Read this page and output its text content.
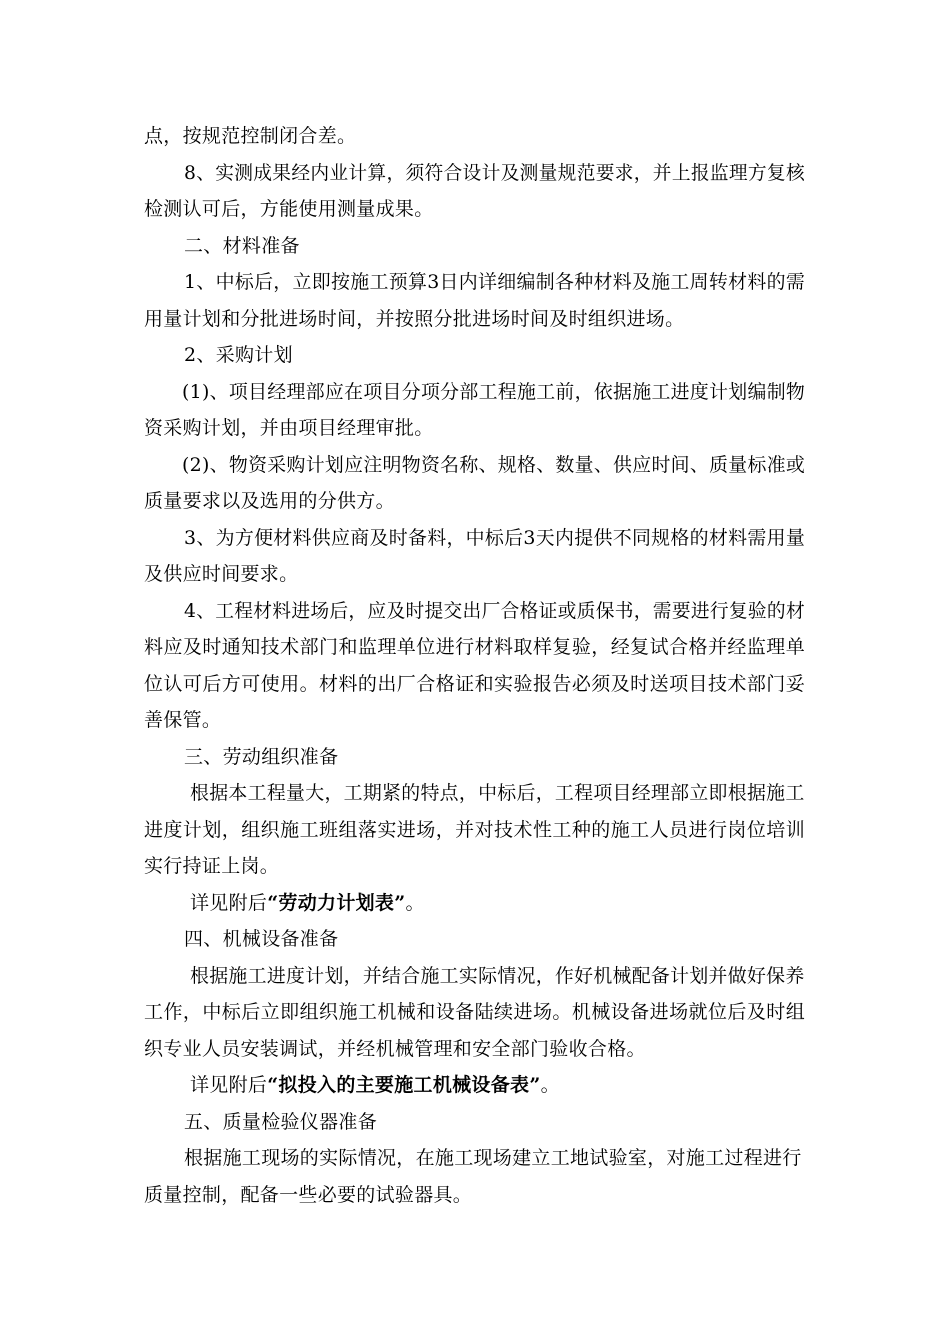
点，按规范控制闭合差。
8、实测成果经内业计算，须符合设计及测量规范要求，并上报监理方复核
检测认可后，方能使用测量成果。
二、材料准备
1、中标后，立即按施工预算3日内详细编制各种材料及施工周转材料的需
用量计划和分批进场时间，并按照分批进场时间及时组织进场。
2、采购计划
(1)、项目经理部应在项目分项分部工程施工前，依据施工进度计划编制物
资采购计划，并由项目经理审批。
(2)、物资采购计划应注明物资名称、规格、数量、供应时间、质量标准或
质量要求以及选用的分供方。
3、为方便材料供应商及时备料，中标后3天内提供不同规格的材料需用量
及供应时间要求。
4、工程材料进场后，应及时提交出厂合格证或质保书，需要进行复验的材
料应及时通知技术部门和监理单位进行材料取样复验，经复试合格并经监理单
位认可后方可使用。材料的出厂合格证和实验报告必须及时送项目技术部门妥
善保管。
三、劳动组织准备
根据本工程量大，工期紧的特点，中标后，工程项目经理部立即根据施工
进度计划，组织施工班组落实进场，并对技术性工种的施工人员进行岗位培训
实行持证上岗。
详见附后“劳动力计划表”。
四、机械设备准备
根据施工进度计划，并结合施工实际情况，作好机械配备计划并做好保养
工作，中标后立即组织施工机械和设备陆续进场。机械设备进场就位后及时组
织专业人员安装调试，并经机械管理和安全部门验收合格。
详见附后“拟投入的主要施工机械设备表”。
五、质量检验仪器准备
根据施工现场的实际情况，在施工现场建立工地试验室，对施工过程进行
质量控制，配备一些必要的试验器具。
